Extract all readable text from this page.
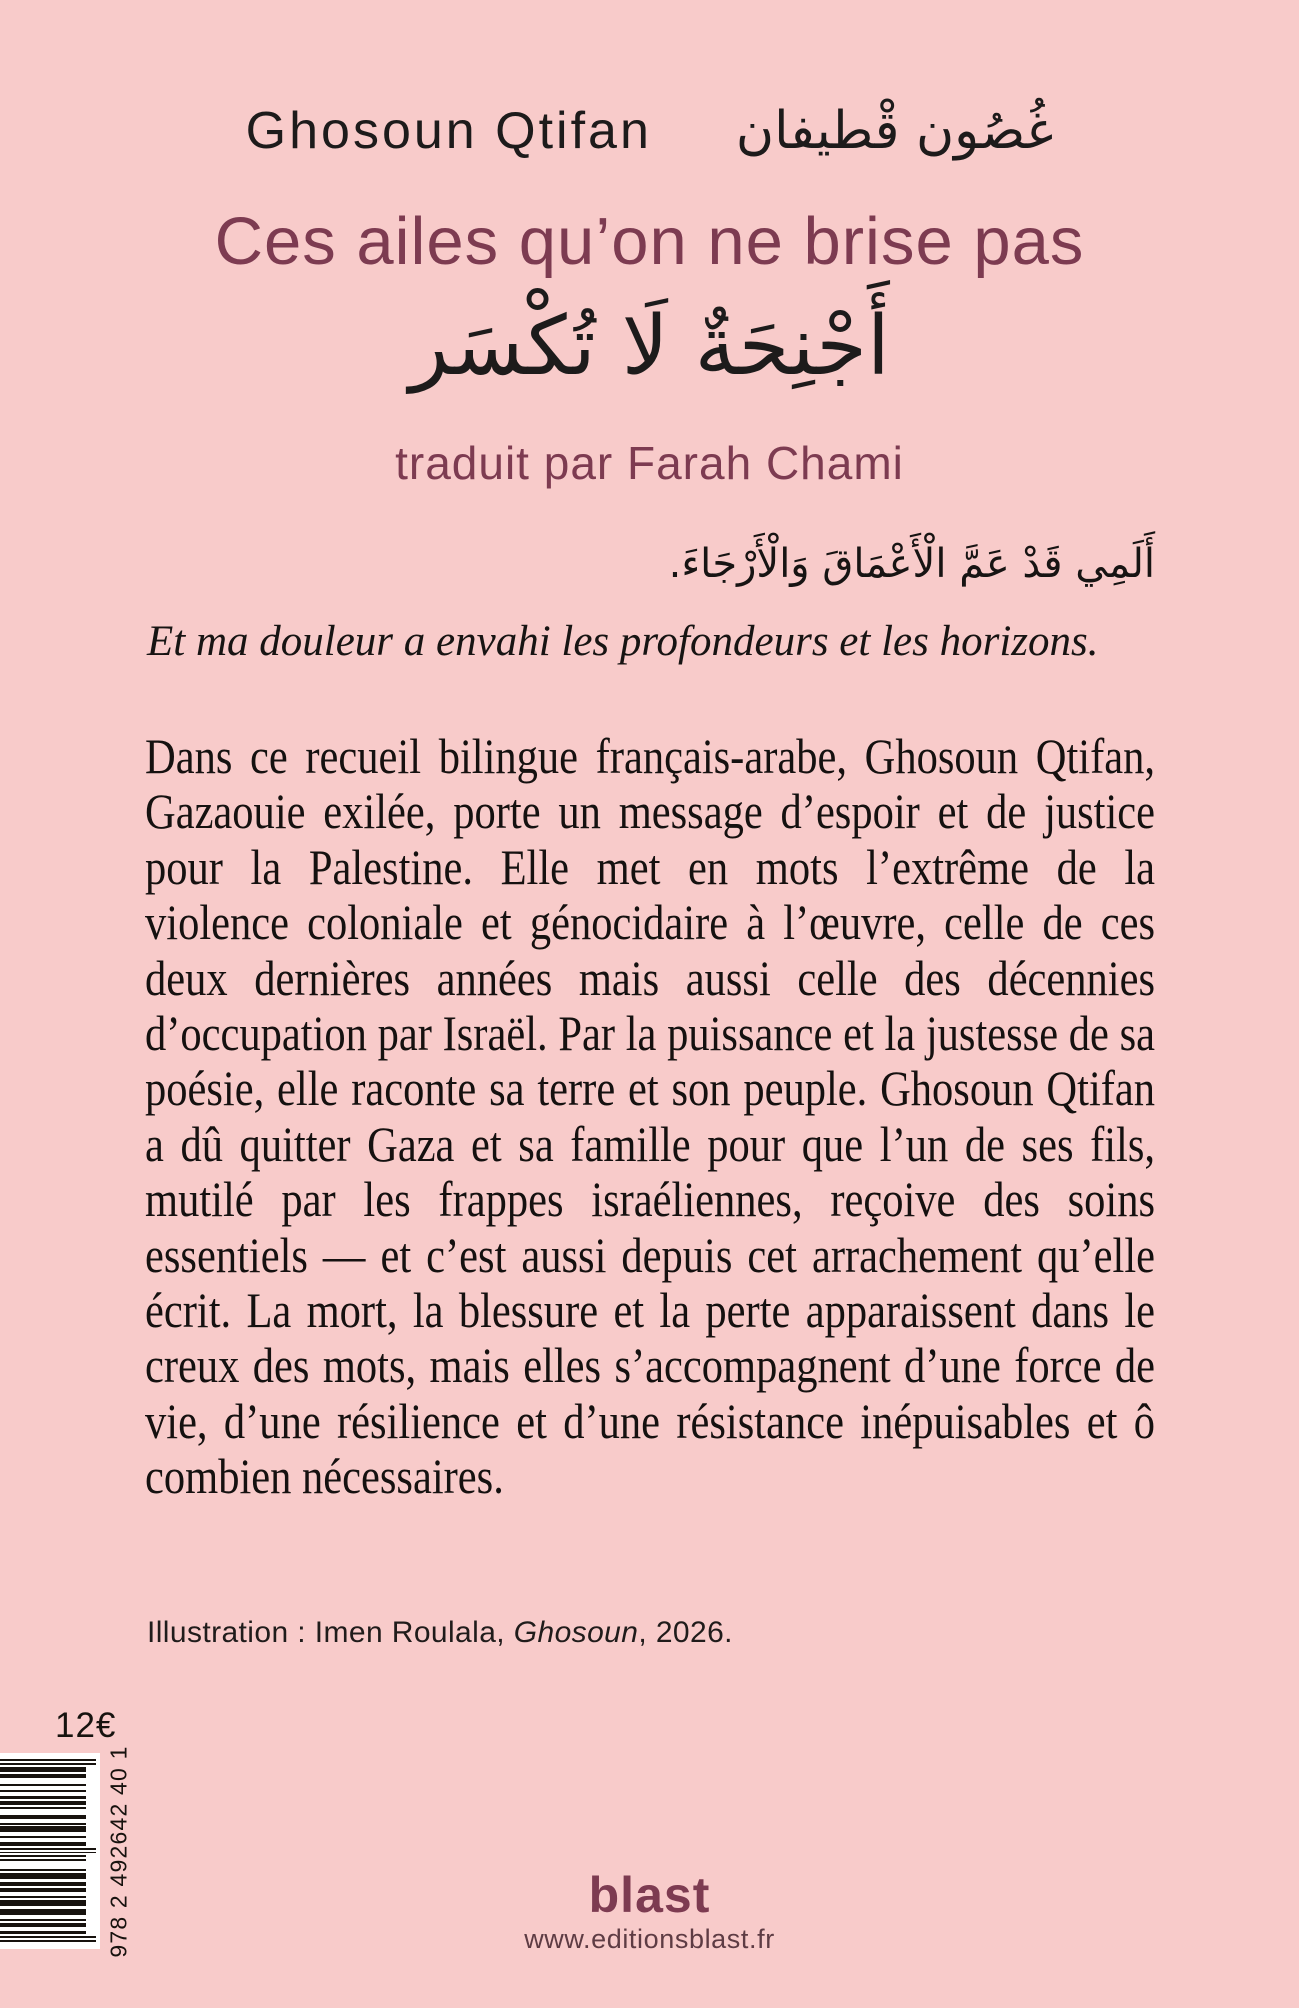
Ghosoun Qtifan غُصُون قْطيفان
Ces ailes qu’on ne brise pas
أَجْنِحَةٌ لَا تُكْسَر
traduit par Farah Chami
أَلَمِي قَدْ عَمَّ الْأَعْمَاقَ وَالْأَرْجَاءَ.
Et ma douleur a envahi les profondeurs et les horizons.
Dans ce recueil bilingue français-arabe, Ghosoun Qtifan, Gazaouie exilée, porte un message d’espoir et de justice pour la Palestine. Elle met en mots l’extrême de la violence coloniale et génocidaire à l’œuvre, celle de ces deux dernières années mais aussi celle des décennies d’occupation par Israël. Par la puissance et la justesse de sa poésie, elle raconte sa terre et son peuple. Ghosoun Qtifan a dû quitter Gaza et sa famille pour que l’un de ses fils, mutilé par les frappes israéliennes, reçoive des soins essentiels — et c’est aussi depuis cet arrachement qu’elle écrit. La mort, la blessure et la perte apparaissent dans le creux des mots, mais elles s’accompagnent d’une force de vie, d’une résilience et d’une résistance inépuisables et ô combien nécessaires.
Illustration : Imen Roulala, Ghosoun, 2026.
12€
978 2 492642 40 1	blast
www.editionsblast.fr
